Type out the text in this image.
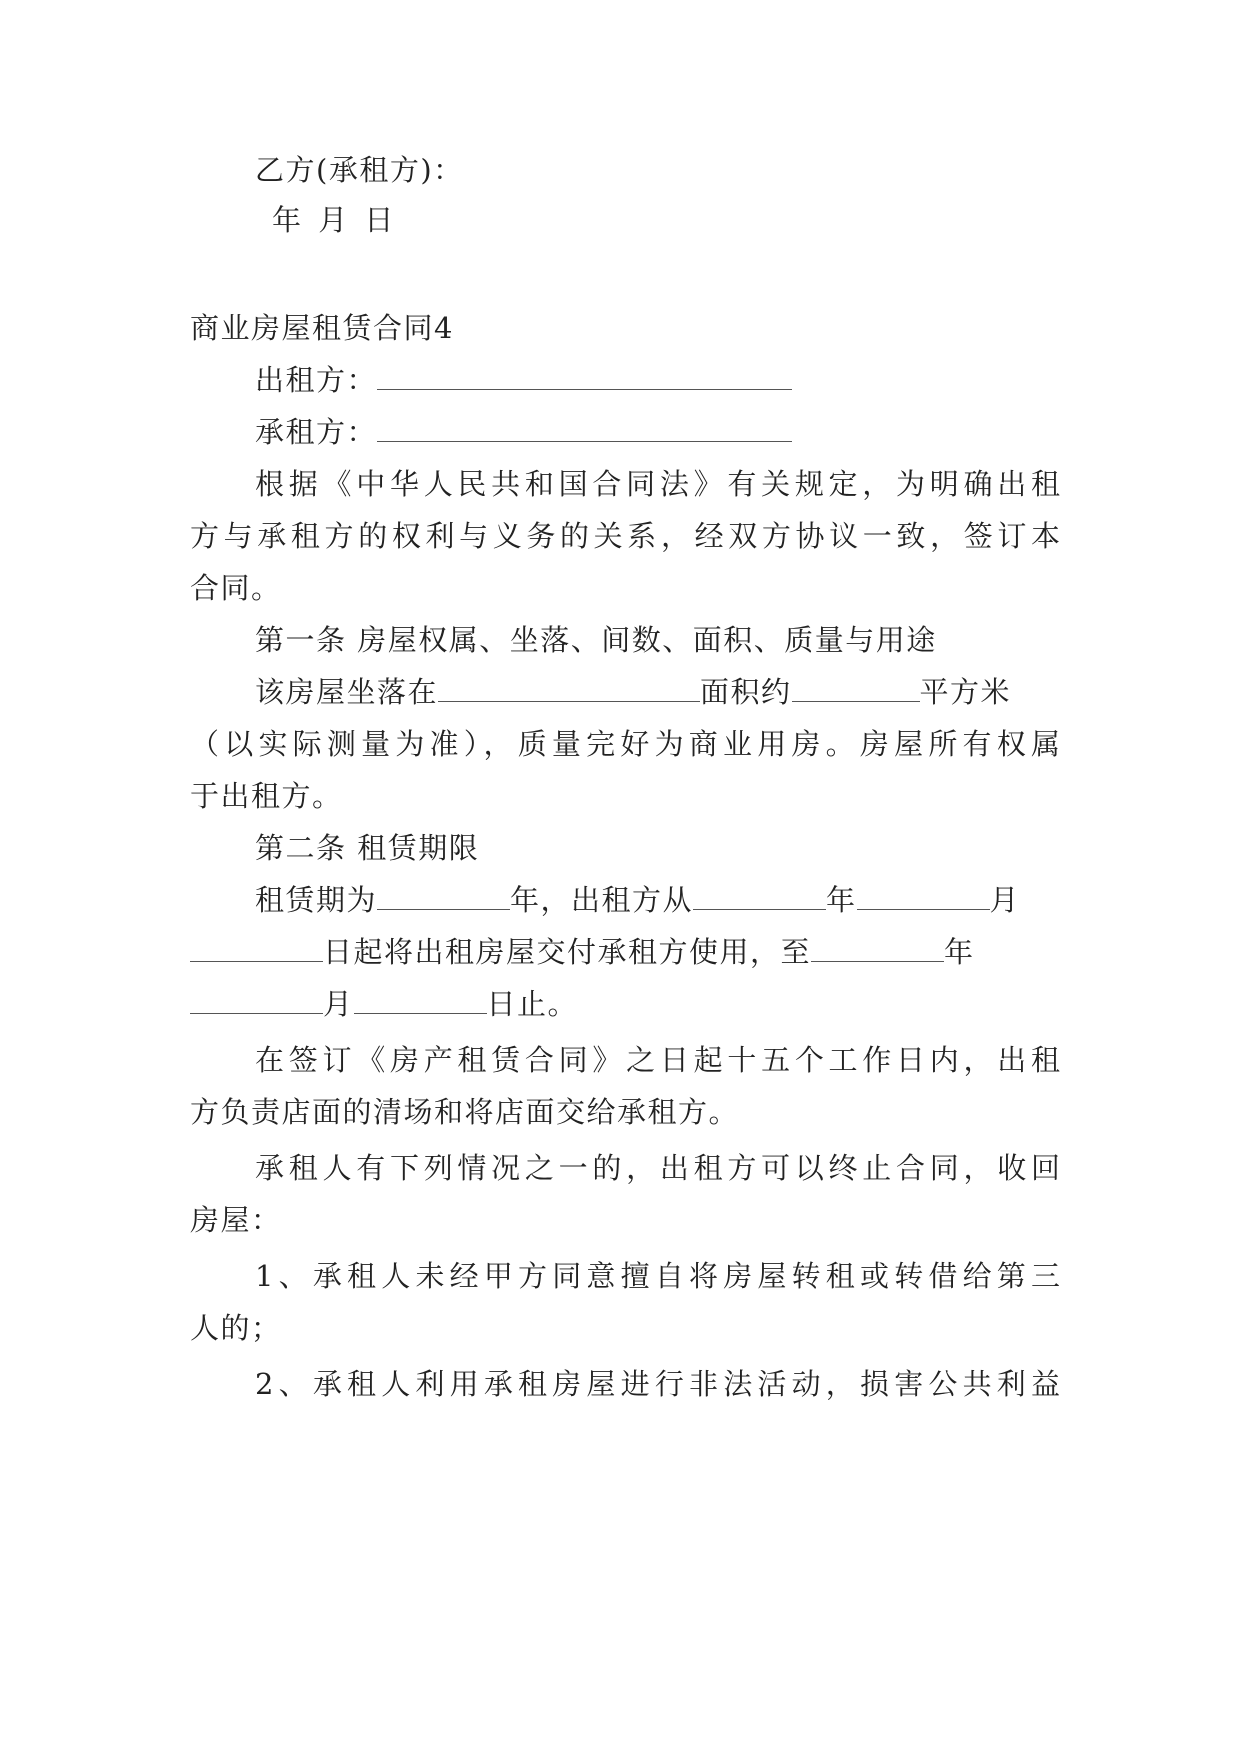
乙方(承租方)：
年 月 日
商业房屋租赁合同4
出租方：
承租方：
根据《中华人民共和国合同法》有关规定，为明确出租
方与承租方的权利与义务的关系，经双方协议一致，签订本
合同。
第一条 房屋权属、坐落、间数、面积、质量与用途
该房屋坐落在	面积约	平方米
（以实际测量为准），质量完好为商业用房。房屋所有权属
于出租方。
第二条 租赁期限
租赁期为	年，出租方从	年	月
日起将出租房屋交付承租方使用，至	年
月	日止。
在签订《房产租赁合同》之日起十五个工作日内，出租
方负责店面的清场和将店面交给承租方。
承租人有下列情况之一的，出租方可以终止合同，收回
房屋：
1、承租人未经甲方同意擅自将房屋转租或转借给第三
人的；
2、承租人利用承租房屋进行非法活动，损害公共利益
